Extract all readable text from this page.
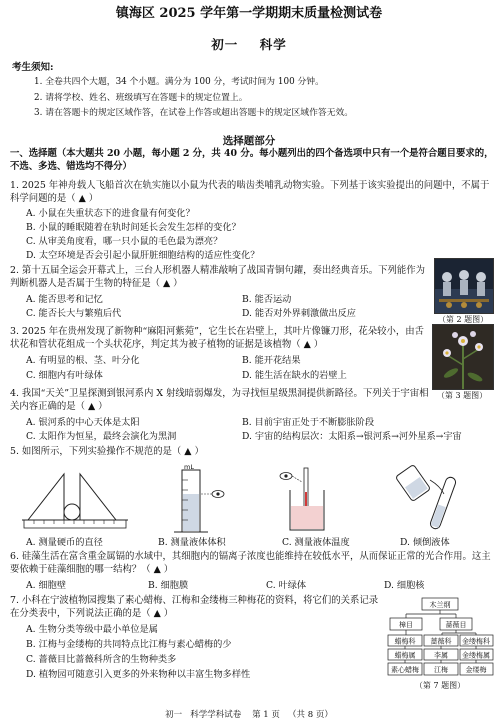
镇海区 2025 学年第一学期期末质量检测试卷
初一    科学
考生须知:
1. 全卷共四个大题，34 个小题。满分为 100 分，考试时间为 100 分钟。
2. 请将学校、姓名、班级填写在答题卡的规定位置上。
3. 请在答题卡的规定区域作答，在试卷上作答或超出答题卡的规定区域作答无效。
选择题部分
一、选择题（本大题共 20 小题，每小题 2 分，共 40 分。每小题列出的四个备选项中只有一个是符合题目要求的，不选、多选、错选均不得分）
1. 2025 年神舟载人飞船首次在轨实施以小鼠为代表的啮齿类哺乳动物实验。下列基于该实验提出的问题中，不属于科学问题的是（ ▲ ）
A. 小鼠在失重状态下的进食量有何变化？
B. 小鼠的睡眠随着在轨时间延长会发生怎样的变化？
C. 从审美角度看，哪一只小鼠的毛色最为漂亮？
D. 太空环境是否会引起小鼠肝脏细胞结构的适应性变化？
2. 第十五届全运会开幕式上，三台人形机器人精准敲响了战国青铜句鑃，奏出经典音乐。下列能作为判断机器人是否属于生物的特征是（ ▲ ）
A. 能否思考和记忆	B. 能否运动
C. 能否长大与繁殖后代	D. 能否对外界刺激做出反应
（第 2 题图）
3. 2025 年在贵州发现了新物种“麻阳河紫菀”，它生长在岩壁上，其叶片像镰刀形，花朵较小，由舌状花和管状花组成一个头状花序，判定其为被子植物的证据是该植物（ ▲ ）
A. 有明显的根、茎、叶分化	B. 能开花结果
C. 细胞内有叶绿体	D. 能生活在缺水的岩壁上
（第 3 题图）
4. 我国“天关”卫星探测到银河系内 X 射线暗弱爆发，为寻找恒星级黑洞提供新路径。下列关于宇宙相关内容正确的是（ ▲ ）
A. 银河系的中心天体是太阳	B. 目前宇宙正处于不断膨胀阶段
C. 太阳作为恒星，最终会演化为黑洞	D. 宇宙的结构层次：太阳系→银河系→河外星系→宇宙
5. 如图所示，下列实验操作不规范的是（ ▲ ）
mL
A. 测量硬币的直径	B. 测量液体体积	C. 测量液体温度	D. 倾倒液体
6. 硅藻生活在富含重金属镉的水域中，其细胞内的镉离子浓度也能维持在较低水平，从而保证正常的光合作用。这主要依赖于硅藻细胞的哪一结构？（ ▲ ）
A. 细胞壁	B. 细胞膜	C. 叶绿体	D. 细胞核
7. 小科在宁波植物园搜集了素心蜡梅、江梅和金缕梅三种梅花的资料，将它们的关系记录在分类表中，下列说法正确的是（ ▲ ）
A. 生物分类等级中最小单位是属
B. 江梅与金缕梅的共同特点比江梅与素心蜡梅的少
C. 蔷薇目比蔷薇科所含的生物种类多
D. 植物园可随意引入更多的外来物种以丰富生物多样性
木兰纲
樟目	蔷薇目
蜡梅科 蔷薇科 金缕梅科
蜡梅属	李属 金缕梅属
素心蜡梅 江梅	金缕梅
（第 7 题图）
初一   科学学科试卷    第 1 页   （共 8 页）
